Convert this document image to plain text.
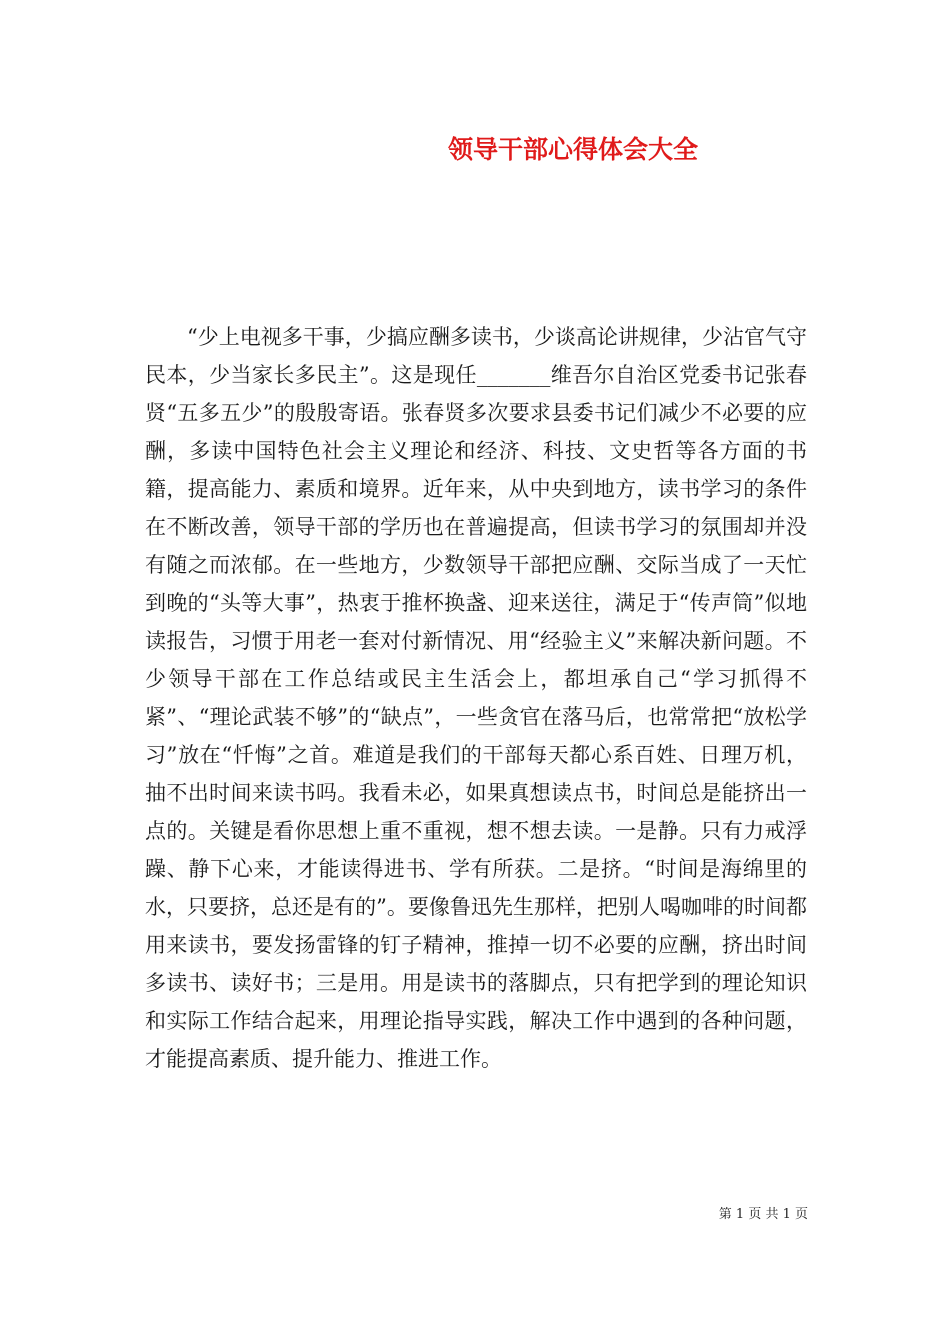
领导干部心得体会大全

“少上电视多干事，少搞应酬多读书，少谈高论讲规律，少沾官气守民本，少当家长多民主”。这是现任_______维吾尔自治区党委书记张春贤“五多五少”的殷殷寄语。张春贤多次要求县委书记们减少不必要的应酬，多读中国特色社会主义理论和经济、科技、文史哲等各方面的书籍，提高能力、素质和境界。近年来，从中央到地方，读书学习的条件在不断改善，领导干部的学历也在普遍提高，但读书学习的氛围却并没有随之而浓郁。在一些地方，少数领导干部把应酬、交际当成了一天忙到晚的“头等大事”，热衷于推杯换盏、迎来送往，满足于“传声筒”似地读报告，习惯于用老一套对付新情况、用“经验主义”来解决新问题。不少领导干部在工作总结或民主生活会上，都坦承自己“学习抓得不紧”、“理论武装不够”的“缺点”，一些贪官在落马后，也常常把“放松学习”放在“忏悔”之首。难道是我们的干部每天都心系百姓、日理万机，抽不出时间来读书吗。我看未必，如果真想读点书，时间总是能挤出一点的。关键是看你思想上重不重视，想不想去读。一是静。只有力戒浮躁、静下心来，才能读得进书、学有所获。二是挤。“时间是海绵里的水，只要挤，总还是有的”。要像鲁迅先生那样，把别人喝咖啡的时间都用来读书，要发扬雷锋的钉子精神，推掉一切不必要的应酬，挤出时间多读书、读好书；三是用。用是读书的落脚点，只有把学到的理论知识和实际工作结合起来，用理论指导实践，解决工作中遇到的各种问题，才能提高素质、提升能力、推进工作。

第 1 页 共 1 页
